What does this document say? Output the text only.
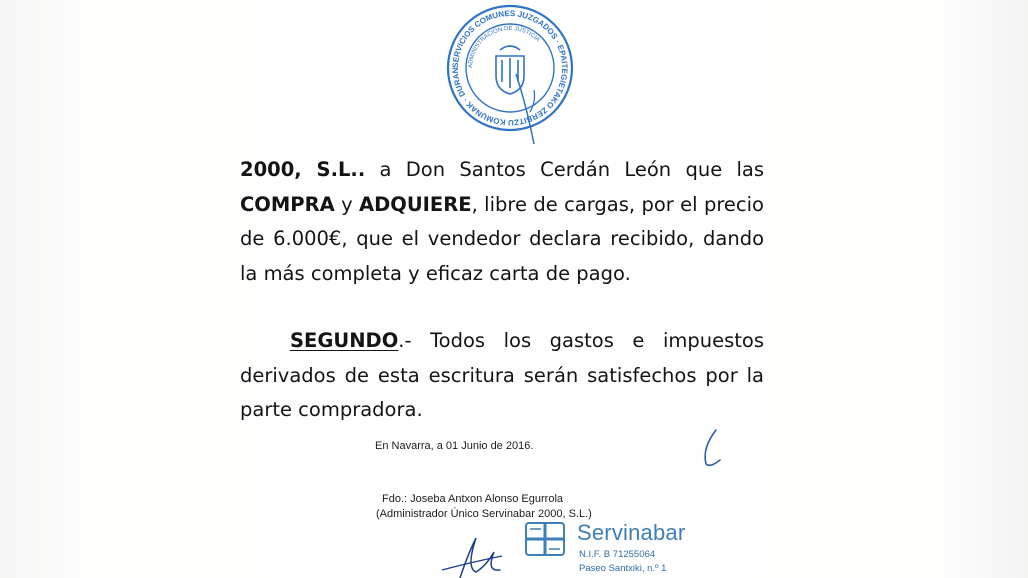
SERVICIOS COMUNES JUZGADOS · EPAITEGIETAKO ZERBITZU KOMUNAK · DURAN
ADMINISTRACIÓN DE JUSTICIA

2000, S.L.. a Don Santos Cerdán León que las
COMPRA y ADQUIERE, libre de cargas, por el precio
de 6.000€, que el vendedor declara recibido, dando
la más completa y eficaz carta de pago.

SEGUNDO.- Todos los gastos e impuestos
derivados de esta escritura serán satisfechos por la
parte compradora.

En Navarra, a 01 Junio de 2016.
Fdo.: Joseba Antxon Alonso Egurrola
(Administrador Único Servinabar 2000, S.L.)
Servinabar
N.I.F. B 71255064
Paseo Santxiki, n.º 1
